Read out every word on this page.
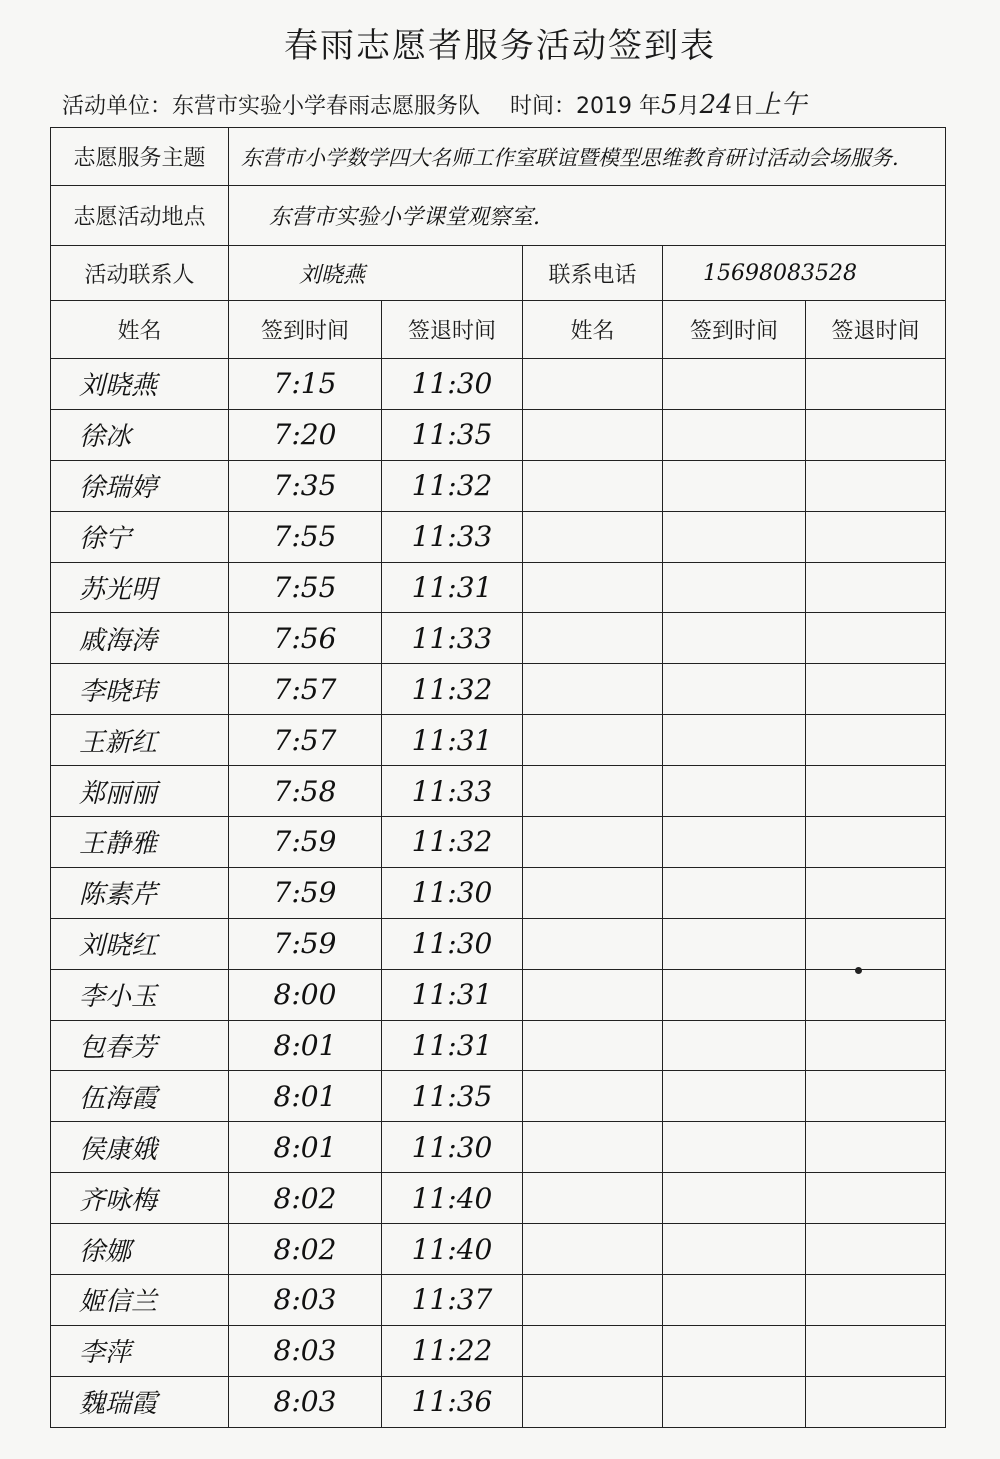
春雨志愿者服务活动签到表
活动单位：东营市实验小学春雨志愿服务队 时间：2019 年5月24日上午
志愿服务主题	东营市小学数学四大名师工作室联谊暨模型思维教育研讨活动会场服务.				
志愿活动地点	东营市实验小学课堂观察室.				
活动联系人	刘晓燕		联系电话	15698083528	
姓名	签到时间	签退时间	姓名	签到时间	签退时间
刘晓燕	7:15	11:30			
徐冰	7:20	11:35			
徐瑞婷	7:35	11:32			
徐宁	7:55	11:33			
苏光明	7:55	11:31			
戚海涛	7:56	11:33			
李晓玮	7:57	11:32			
王新红	7:57	11:31			
郑丽丽	7:58	11:33			
王静雅	7:59	11:32			
陈素芹	7:59	11:30			
刘晓红	7:59	11:30			
李小玉	8:00	11:31			
包春芳	8:01	11:31			
伍海霞	8:01	11:35			
侯康娥	8:01	11:30			
齐咏梅	8:02	11:40			
徐娜	8:02	11:40			
姬信兰	8:03	11:37			
李萍	8:03	11:22			
魏瑞霞	8:03	11:36			
